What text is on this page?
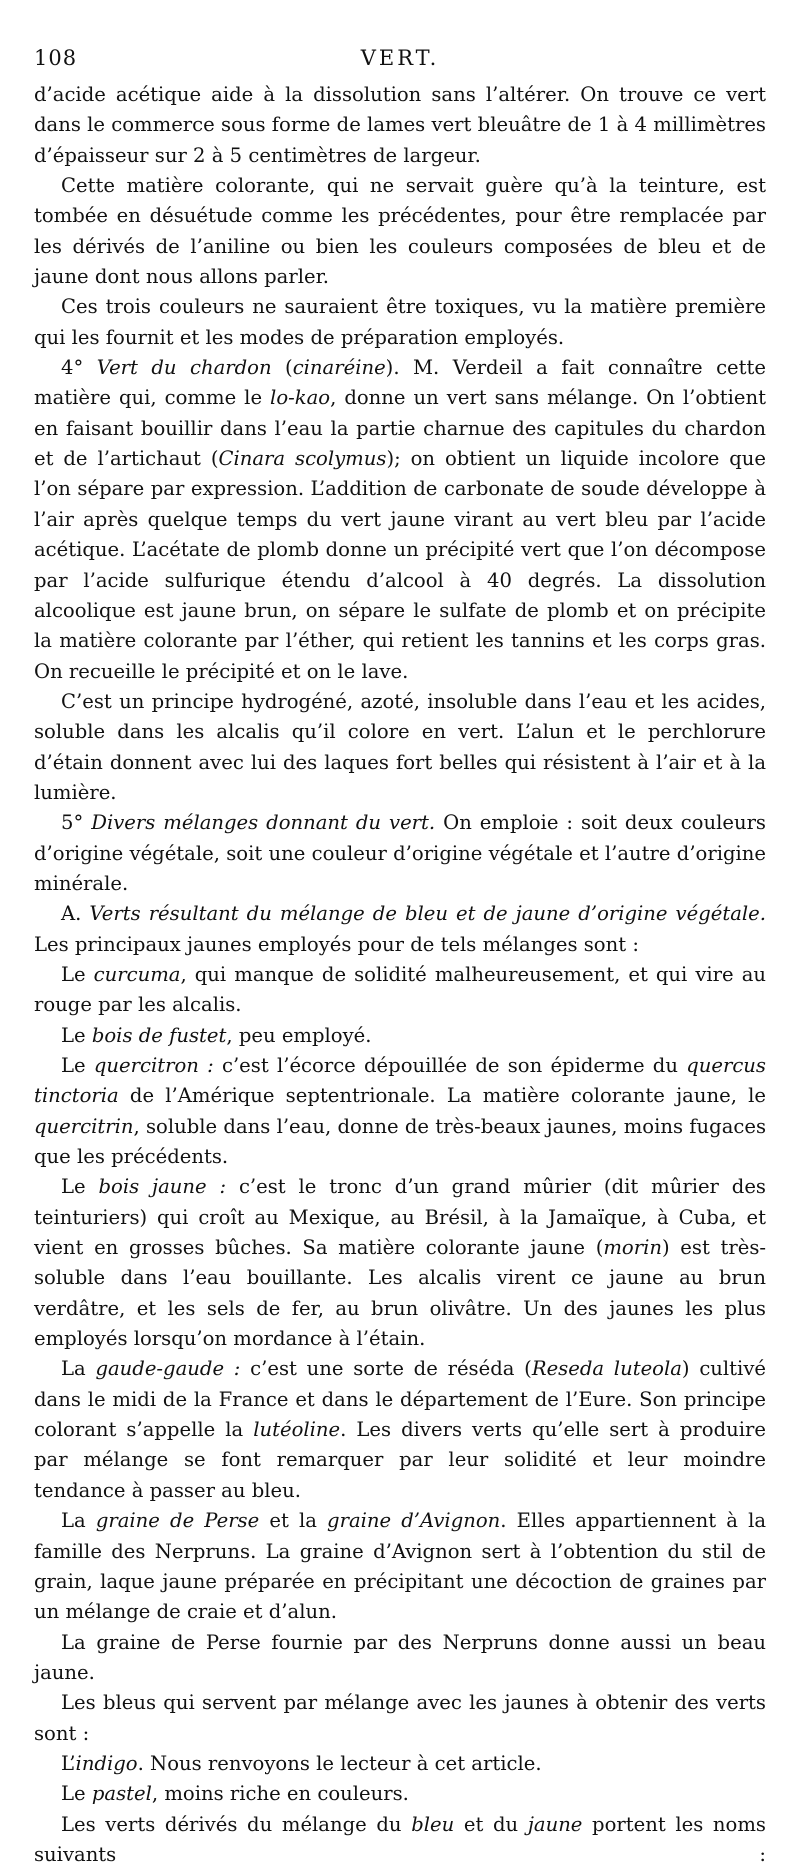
108	VERT.

d’acide acétique aide à la dissolution sans l’altérer. On trouve ce vert dans le commerce sous forme de lames vert bleuâtre de 1 à 4 millimètres d’épaisseur sur 2 à 5 centimètres de largeur.

Cette matière colorante, qui ne servait guère qu’à la teinture, est tombée en désuétude comme les précédentes, pour être remplacée par les dérivés de l’aniline ou bien les couleurs composées de bleu et de jaune dont nous allons parler.

Ces trois couleurs ne sauraient être toxiques, vu la matière première qui les fournit et les modes de préparation employés.

4° Vert du chardon (cinaréine). M. Verdeil a fait connaître cette matière qui, comme le lo-kao, donne un vert sans mélange. On l’obtient en faisant bouillir dans l’eau la partie charnue des capitules du chardon et de l’artichaut (Cinara scolymus); on obtient un liquide incolore que l’on sépare par expression. L’addition de carbonate de soude développe à l’air après quelque temps du vert jaune virant au vert bleu par l’acide acétique. L’acétate de plomb donne un précipité vert que l’on décompose par l’acide sulfurique étendu d’alcool à 40 degrés. La dissolution alcoolique est jaune brun, on sépare le sulfate de plomb et on précipite la matière colorante par l’éther, qui retient les tannins et les corps gras. On recueille le précipité et on le lave.

C’est un principe hydrogéné, azoté, insoluble dans l’eau et les acides, soluble dans les alcalis qu’il colore en vert. L’alun et le perchlorure d’étain donnent avec lui des laques fort belles qui résistent à l’air et à la lumière.

5° Divers mélanges donnant du vert. On emploie : soit deux couleurs d’origine végétale, soit une couleur d’origine végétale et l’autre d’origine minérale.

A. Verts résultant du mélange de bleu et de jaune d’origine végétale. Les principaux jaunes employés pour de tels mélanges sont :

Le curcuma, qui manque de solidité malheureusement, et qui vire au rouge par les alcalis.

Le bois de fustet, peu employé.

Le quercitron : c’est l’écorce dépouillée de son épiderme du quercus tinctoria de l’Amérique septentrionale. La matière colorante jaune, le quercitrin, soluble dans l’eau, donne de très-beaux jaunes, moins fugaces que les précédents.

Le bois jaune : c’est le tronc d’un grand mûrier (dit mûrier des teinturiers) qui croît au Mexique, au Brésil, à la Jamaïque, à Cuba, et vient en grosses bûches. Sa matière colorante jaune (morin) est très-soluble dans l’eau bouillante. Les alcalis virent ce jaune au brun verdâtre, et les sels de fer, au brun olivâtre. Un des jaunes les plus employés lorsqu’on mordance à l’étain.

La gaude-gaude : c’est une sorte de réséda (Reseda luteola) cultivé dans le midi de la France et dans le département de l’Eure. Son principe colorant s’appelle la lutéoline. Les divers verts qu’elle sert à produire par mélange se font remarquer par leur solidité et leur moindre tendance à passer au bleu.

La graine de Perse et la graine d’Avignon. Elles appartiennent à la famille des Nerpruns. La graine d’Avignon sert à l’obtention du stil de grain, laque jaune préparée en précipitant une décoction de graines par un mélange de craie et d’alun.

La graine de Perse fournie par des Nerpruns donne aussi un beau jaune.

Les bleus qui servent par mélange avec les jaunes à obtenir des verts sont :

L’indigo. Nous renvoyons le lecteur à cet article.

Le pastel, moins riche en couleurs.

Les verts dérivés du mélange du bleu et du jaune portent les noms suivants :
